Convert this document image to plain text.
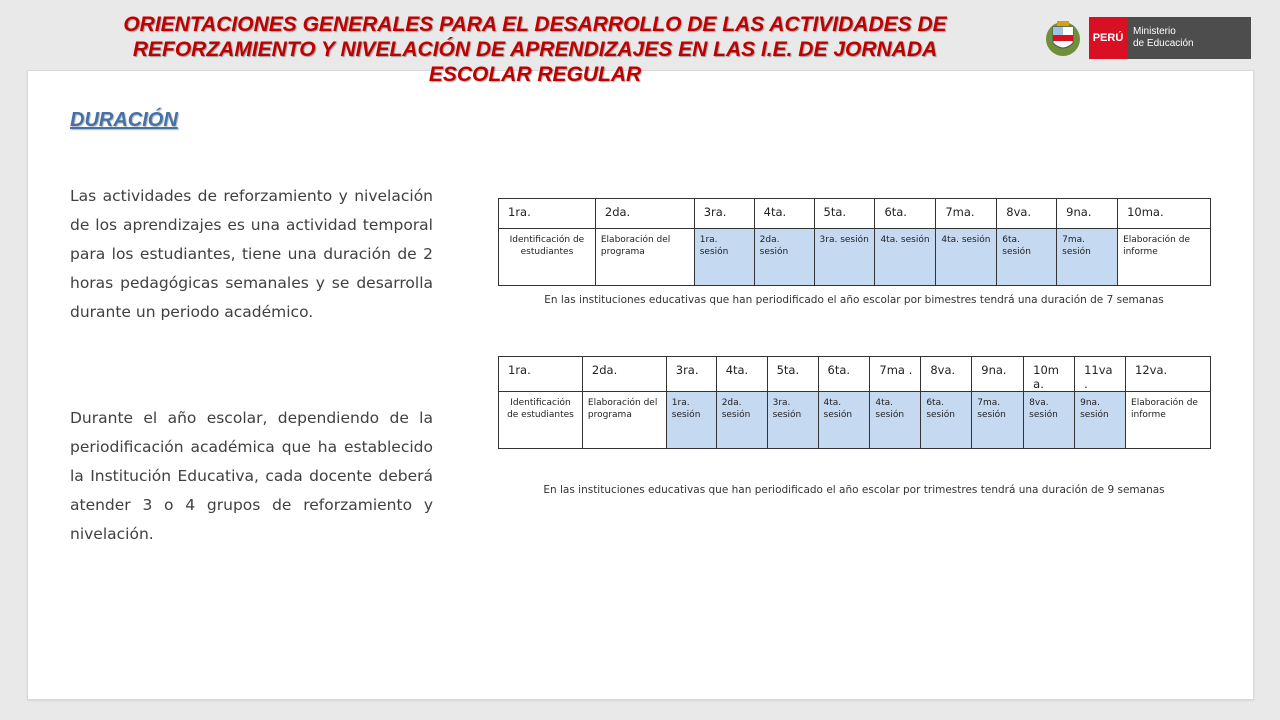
ORIENTACIONES GENERALES PARA EL DESARROLLO DE LAS ACTIVIDADES DE
REFORZAMIENTO Y NIVELACIÓN DE APRENDIZAJES EN LAS I.E. DE JORNADA
ESCOLAR REGULAR
PERÚ
Ministerio
de Educación
DURACIÓN

Las actividades de reforzamiento y nivelación de los aprendizajes es una actividad temporal para los estudiantes, tiene una duración de 2 horas pedagógicas semanales y se desarrolla durante un periodo académico.

Durante el año escolar, dependiendo de la periodificación académica que ha establecido la Institución Educativa, cada docente deberá atender 3 o 4 grupos de reforzamiento y nivelación.

1ra.	2da.	3ra.	4ta.	5ta.	6ta.	7ma.	8va.	9na.	10ma.
Identificación de estudiantes	Elaboración del programa	1ra. sesión	2da. sesión	3ra. sesión	4ta. sesión	4ta. sesión	6ta. sesión	7ma. sesión	Elaboración de informe
En las instituciones educativas que han periodificado el año escolar por bimestres tendrá una duración de 7 semanas
1ra.	2da.	3ra.	4ta.	5ta.	6ta.	7ma .	8va.	9na.	10m a.	11va .	12va.
Identificación de estudiantes	Elaboración del programa	1ra. sesión	2da. sesión	3ra. sesión	4ta. sesión	4ta. sesión	6ta. sesión	7ma. sesión	8va. sesión	9na. sesión	Elaboración de informe
En las instituciones educativas que han periodificado el año escolar por trimestres tendrá una duración de 9 semanas
